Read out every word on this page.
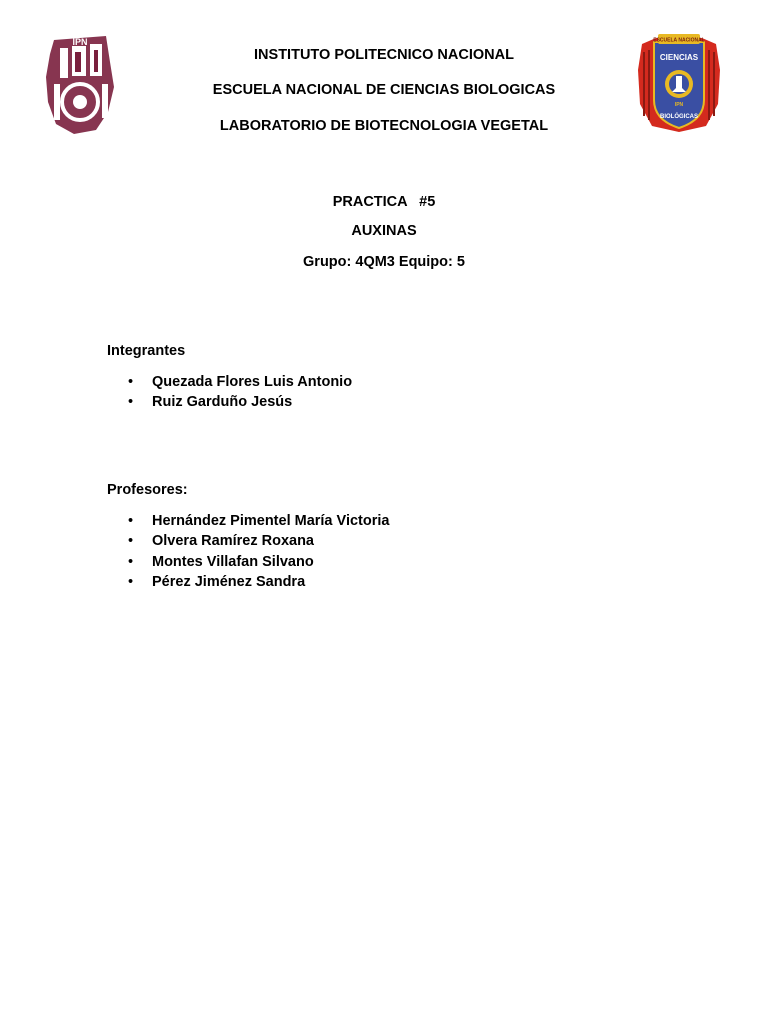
IPN	ESCUELA NACIONAL
CIENCIAS
IPN
BIOLÓGICAS
INSTITUTO POLITECNICO NACIONAL
ESCUELA NACIONAL DE CIENCIAS BIOLOGICAS
LABORATORIO DE BIOTECNOLOGIA VEGETAL
PRACTICA   #5
AUXINAS
Grupo: 4QM3 Equipo: 5
Integrantes
• Quezada Flores Luis Antonio
• Ruiz Garduño Jesús
Profesores:
• Hernández Pimentel María Victoria
• Olvera Ramírez Roxana
• Montes Villafan Silvano
• Pérez Jiménez Sandra
